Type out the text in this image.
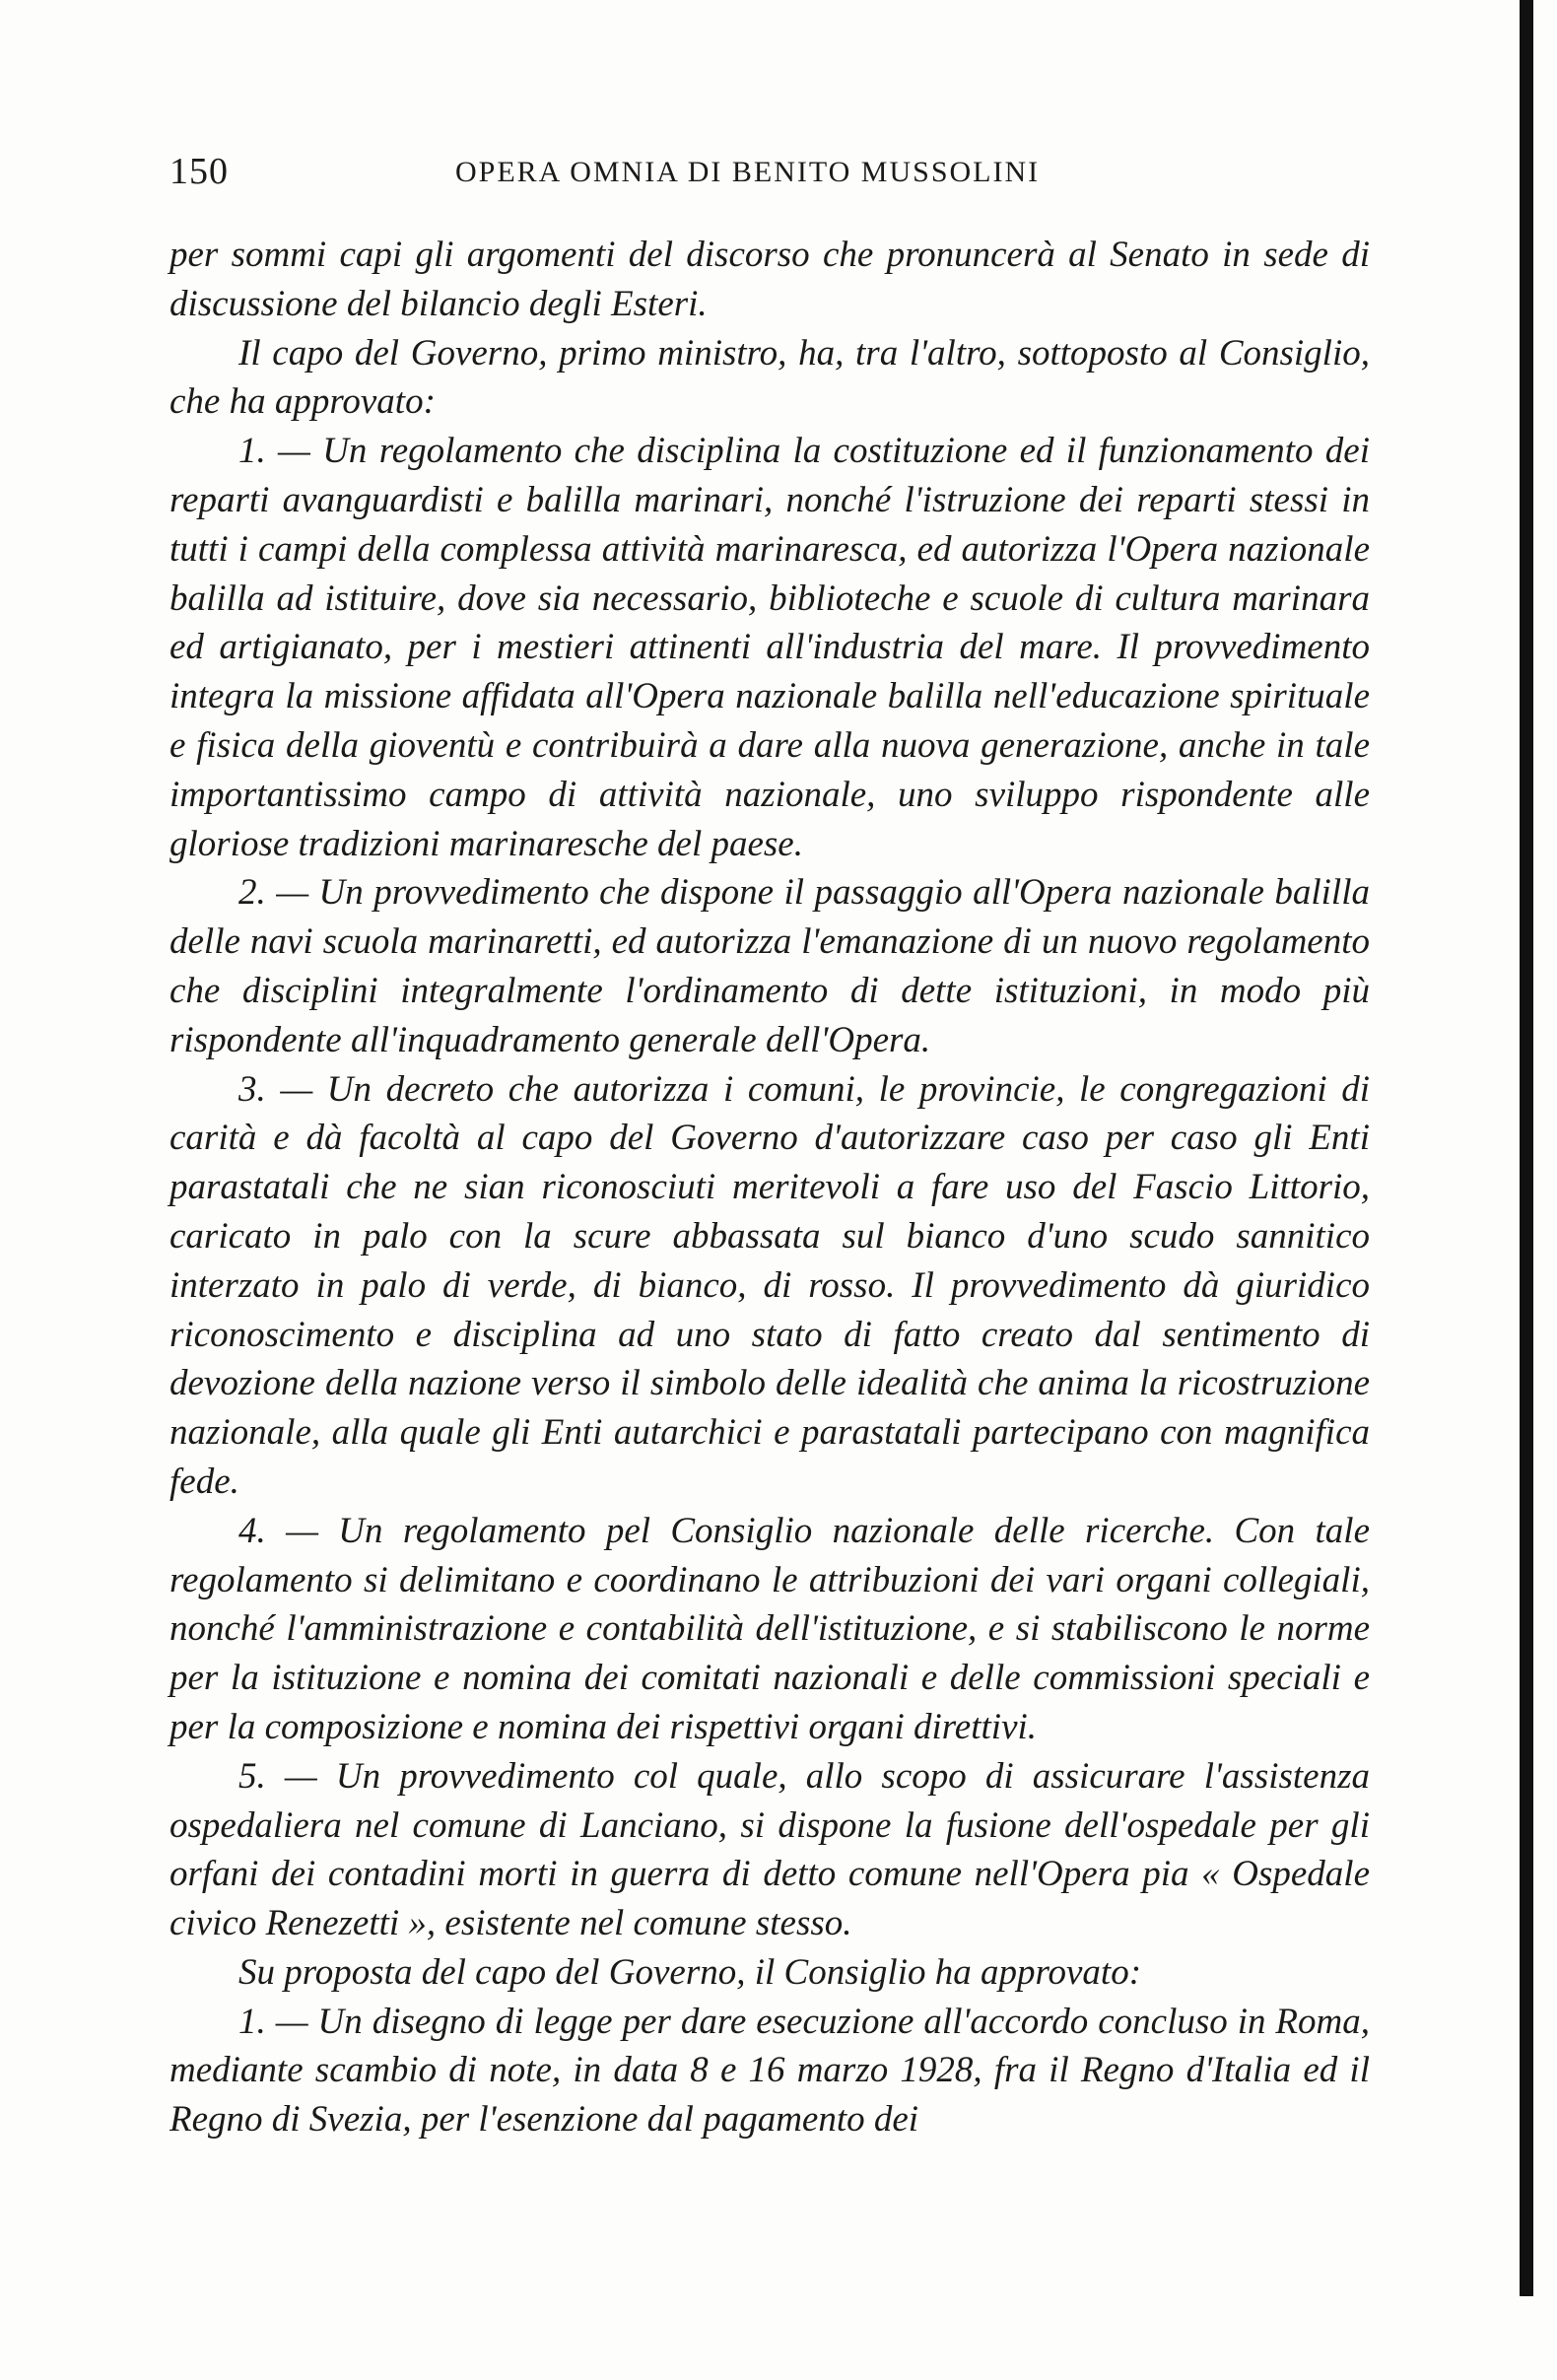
150	OPERA OMNIA DI BENITO MUSSOLINI

per sommi capi gli argomenti del discorso che pronuncerà al Senato in sede di discussione del bilancio degli Esteri.

Il capo del Governo, primo ministro, ha, tra l'altro, sottoposto al Consiglio, che ha approvato:

1. — Un regolamento che disciplina la costituzione ed il funzionamento dei reparti avanguardisti e balilla marinari, nonché l'istruzione dei reparti stessi in tutti i campi della complessa attività marinaresca, ed autorizza l'Opera nazionale balilla ad istituire, dove sia necessario, biblioteche e scuole di cultura marinara ed artigianato, per i mestieri attinenti all'industria del mare. Il provvedimento integra la missione affidata all'Opera nazionale balilla nell'educazione spirituale e fisica della gioventù e contribuirà a dare alla nuova generazione, anche in tale importantissimo campo di attività nazionale, uno sviluppo rispondente alle gloriose tradizioni marinaresche del paese.

2. — Un provvedimento che dispone il passaggio all'Opera nazionale balilla delle navi scuola marinaretti, ed autorizza l'emanazione di un nuovo regolamento che disciplini integralmente l'ordinamento di dette istituzioni, in modo più rispondente all'inquadramento generale dell'Opera.

3. — Un decreto che autorizza i comuni, le provincie, le congregazioni di carità e dà facoltà al capo del Governo d'autorizzare caso per caso gli Enti parastatali che ne sian riconosciuti meritevoli a fare uso del Fascio Littorio, caricato in palo con la scure abbassata sul bianco d'uno scudo sannitico interzato in palo di verde, di bianco, di rosso. Il provvedimento dà giuridico riconoscimento e disciplina ad uno stato di fatto creato dal sentimento di devozione della nazione verso il simbolo delle idealità che anima la ricostruzione nazionale, alla quale gli Enti autarchici e parastatali partecipano con magnifica fede.

4. — Un regolamento pel Consiglio nazionale delle ricerche. Con tale regolamento si delimitano e coordinano le attribuzioni dei vari organi collegiali, nonché l'amministrazione e contabilità dell'istituzione, e si stabiliscono le norme per la istituzione e nomina dei comitati nazionali e delle commissioni speciali e per la composizione e nomina dei rispettivi organi direttivi.

5. — Un provvedimento col quale, allo scopo di assicurare l'assistenza ospedaliera nel comune di Lanciano, si dispone la fusione dell'ospedale per gli orfani dei contadini morti in guerra di detto comune nell'Opera pia « Ospedale civico Renezetti », esistente nel comune stesso.

Su proposta del capo del Governo, il Consiglio ha approvato:

1. — Un disegno di legge per dare esecuzione all'accordo concluso in Roma, mediante scambio di note, in data 8 e 16 marzo 1928, fra il Regno d'Italia ed il Regno di Svezia, per l'esenzione dal pagamento dei
